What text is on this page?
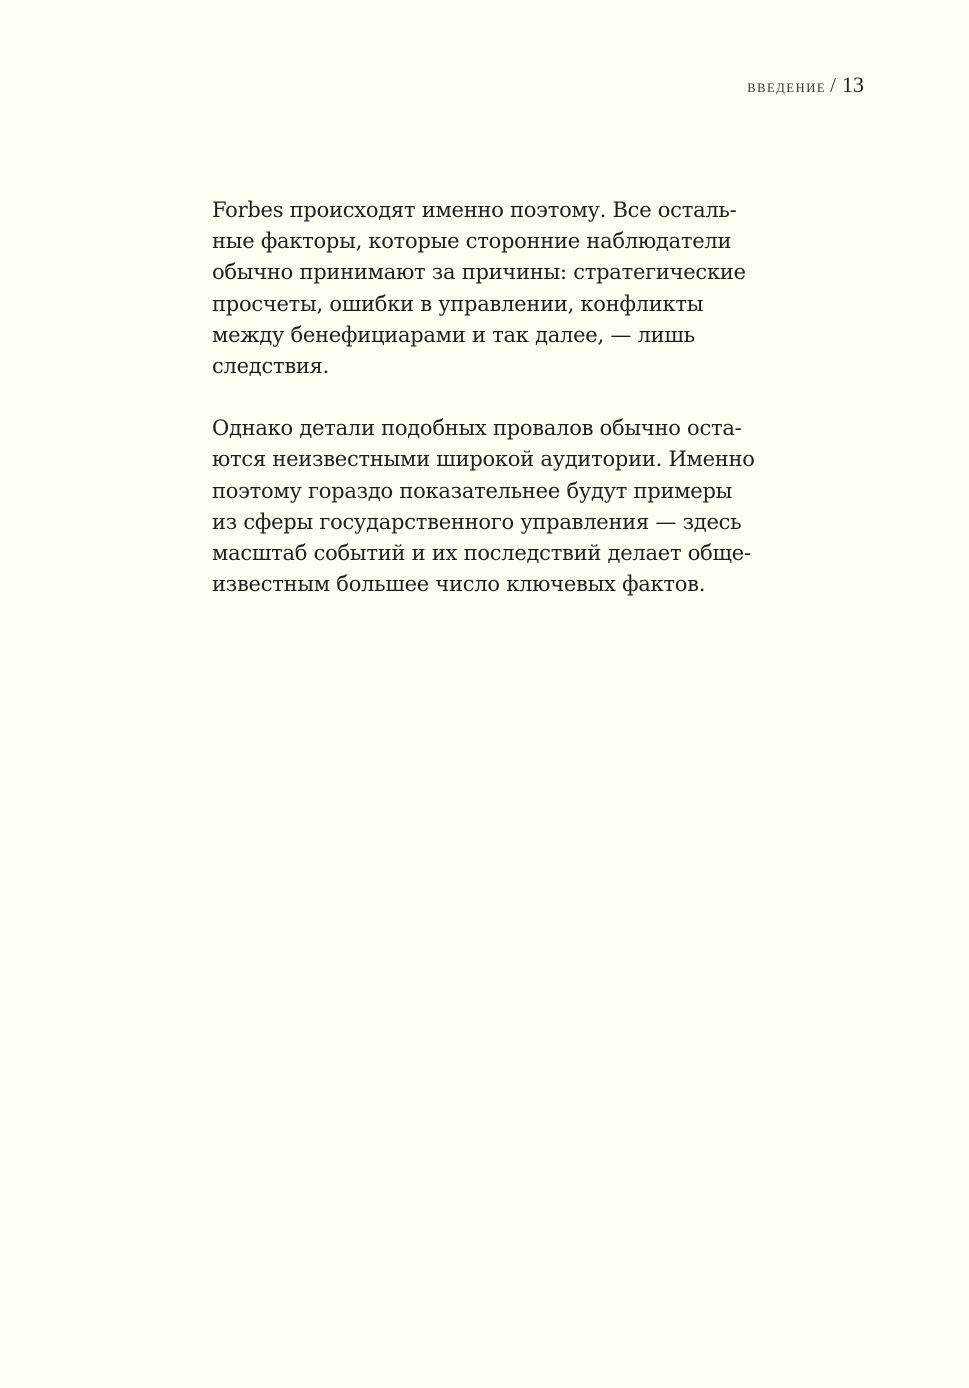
ВВЕДЕНИЕ / 13

Forbes происходят именно поэтому. Все осталь-
ные факторы, которые сторонние наблюдатели
обычно принимают за причины: стратегические
просчеты, ошибки в управлении, конфликты
между бенефициарами и так далее, — лишь
следствия.

Однако детали подобных провалов обычно оста-
ются неизвестными широкой аудитории. Именно
поэтому гораздо показательнее будут примеры
из сферы государственного управления — здесь
масштаб событий и их последствий делает обще-
известным большее число ключевых фактов.
